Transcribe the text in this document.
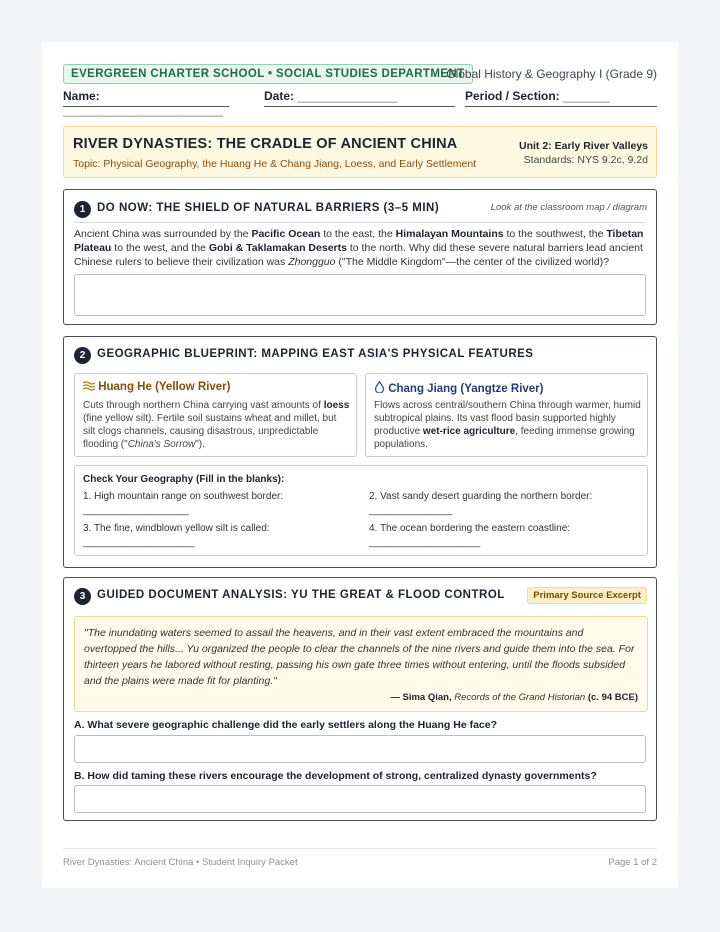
EVERGREEN CHARTER SCHOOL • SOCIAL STUDIES DEPARTMENT
Global History & Geography I (Grade 9)
Name: ________________________
Date: _______________	Period / Section: _______
RIVER DYNASTIES: THE CRADLE OF ANCIENT CHINA
Topic: Physical Geography, the Huang He & Chang Jiang, Loess, and Early Settlement
Unit 2: Early River Valleys
Standards: NYS 9.2c, 9.2d
1	DO NOW: THE SHIELD OF NATURAL BARRIERS (3–5 MIN)	Look at the classroom map / diagram
Ancient China was surrounded by the Pacific Ocean to the east, the Himalayan Mountains to the southwest, the Tibetan Plateau to the west, and the Gobi & Taklamakan Deserts to the north. Why did these severe natural barriers lead ancient Chinese rulers to believe their civilization was Zhongguo ("The Middle Kingdom"—the center of the civilized world)?
2	GEOGRAPHIC BLUEPRINT: MAPPING EAST ASIA'S PHYSICAL FEATURES
Huang He (Yellow River)
Cuts through northern China carrying vast amounts of loess (fine yellow silt). Fertile soil sustains wheat and millet, but silt clogs channels, causing disastrous, unpredictable flooding ("China's Sorrow").
Chang Jiang (Yangtze River)
Flows across central/southern China through warmer, humid subtropical plains. Its vast flood basin supported highly productive wet-rice agriculture, feeding immense growing populations.
Check Your Geography (Fill in the blanks):
1. High mountain range on southwest border:
___________________
2. Vast sandy desert guarding the northern border:
_______________
3. The fine, windblown yellow silt is called:
____________________
4. The ocean bordering the eastern coastline:
____________________
3	GUIDED DOCUMENT ANALYSIS: YU THE GREAT & FLOOD CONTROL	Primary Source Excerpt
"The inundating waters seemed to assail the heavens, and in their vast extent embraced the mountains and overtopped the hills... Yu organized the people to clear the channels of the nine rivers and guide them into the sea. For thirteen years he labored without resting, passing his own gate three times without entering, until the floods subsided and the plains were made fit for planting."
— Sima Qian, Records of the Grand Historian (c. 94 BCE)
A. What severe geographic challenge did the early settlers along the Huang He face?
B. How did taming these rivers encourage the development of strong, centralized dynasty governments?
River Dynasties: Ancient China • Student Inquiry Packet	Page 1 of 2
